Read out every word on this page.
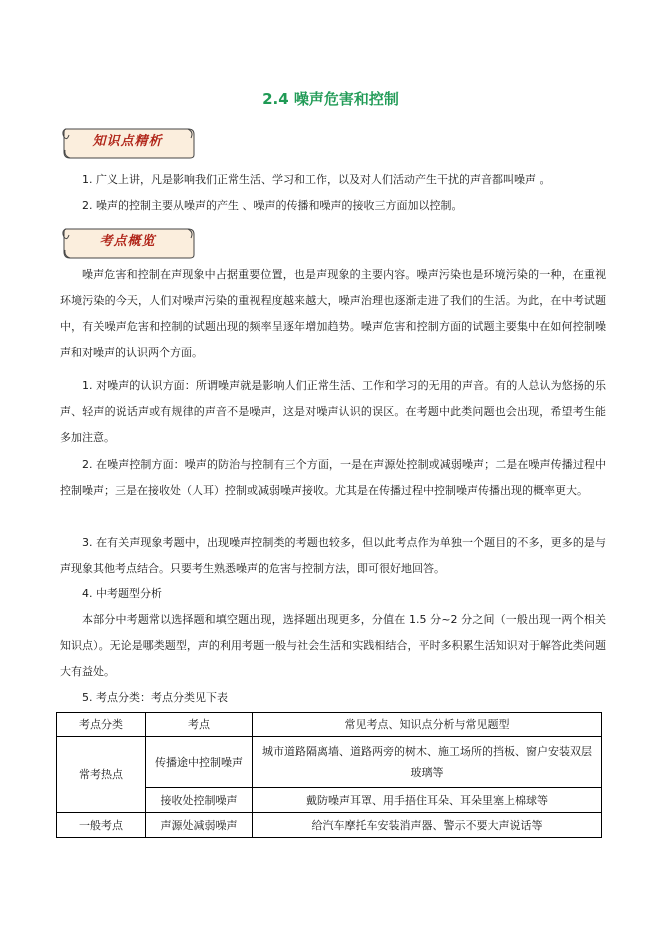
2.4 噪声危害和控制
知识点精析
1. 广义上讲，凡是影响我们正常生活、学习和工作，以及对人们活动产生干扰的声音都叫噪声 。
2. 噪声的控制主要从噪声的产生 、噪声的传播和噪声的接收三方面加以控制。
考点概览

噪声危害和控制在声现象中占据重要位置，也是声现象的主要内容。噪声污染也是环境污染的一种，在重视环境污染的今天，人们对噪声污染的重视程度越来越大，噪声治理也逐渐走进了我们的生活。为此，在中考试题中，有关噪声危害和控制的试题出现的频率呈逐年增加趋势。噪声危害和控制方面的试题主要集中在如何控制噪声和对噪声的认识两个方面。

1. 对噪声的认识方面：所谓噪声就是影响人们正常生活、工作和学习的无用的声音。有的人总认为悠扬的乐声、轻声的说话声或有规律的声音不是噪声，这是对噪声认识的误区。在考题中此类问题也会出现，希望考生能多加注意。

2. 在噪声控制方面：噪声的防治与控制有三个方面，一是在声源处控制或减弱噪声；二是在噪声传播过程中控制噪声；三是在接收处（人耳）控制或减弱噪声接收。尤其是在传播过程中控制噪声传播出现的概率更大。

3. 在有关声现象考题中，出现噪声控制类的考题也较多，但以此考点作为单独一个题目的不多，更多的是与声现象其他考点结合。只要考生熟悉噪声的危害与控制方法，即可很好地回答。

4. 中考题型分析

本部分中考题常以选择题和填空题出现，选择题出现更多，分值在 1.5 分~2 分之间（一般出现一两个相关知识点）。无论是哪类题型，声的利用考题一般与社会生活和实践相结合，平时多积累生活知识对于解答此类问题大有益处。

5. 考点分类：考点分类见下表

考点分类	考点	常见考点、知识点分析与常见题型
常考热点	传播途中控制噪声	城市道路隔离墙、道路两旁的树木、施工场所的挡板、窗户安装双层玻璃等
	接收处控制噪声	戴防噪声耳罩、用手捂住耳朵、耳朵里塞上棉球等
一般考点	声源处减弱噪声	给汽车摩托车安装消声器、警示不要大声说话等
